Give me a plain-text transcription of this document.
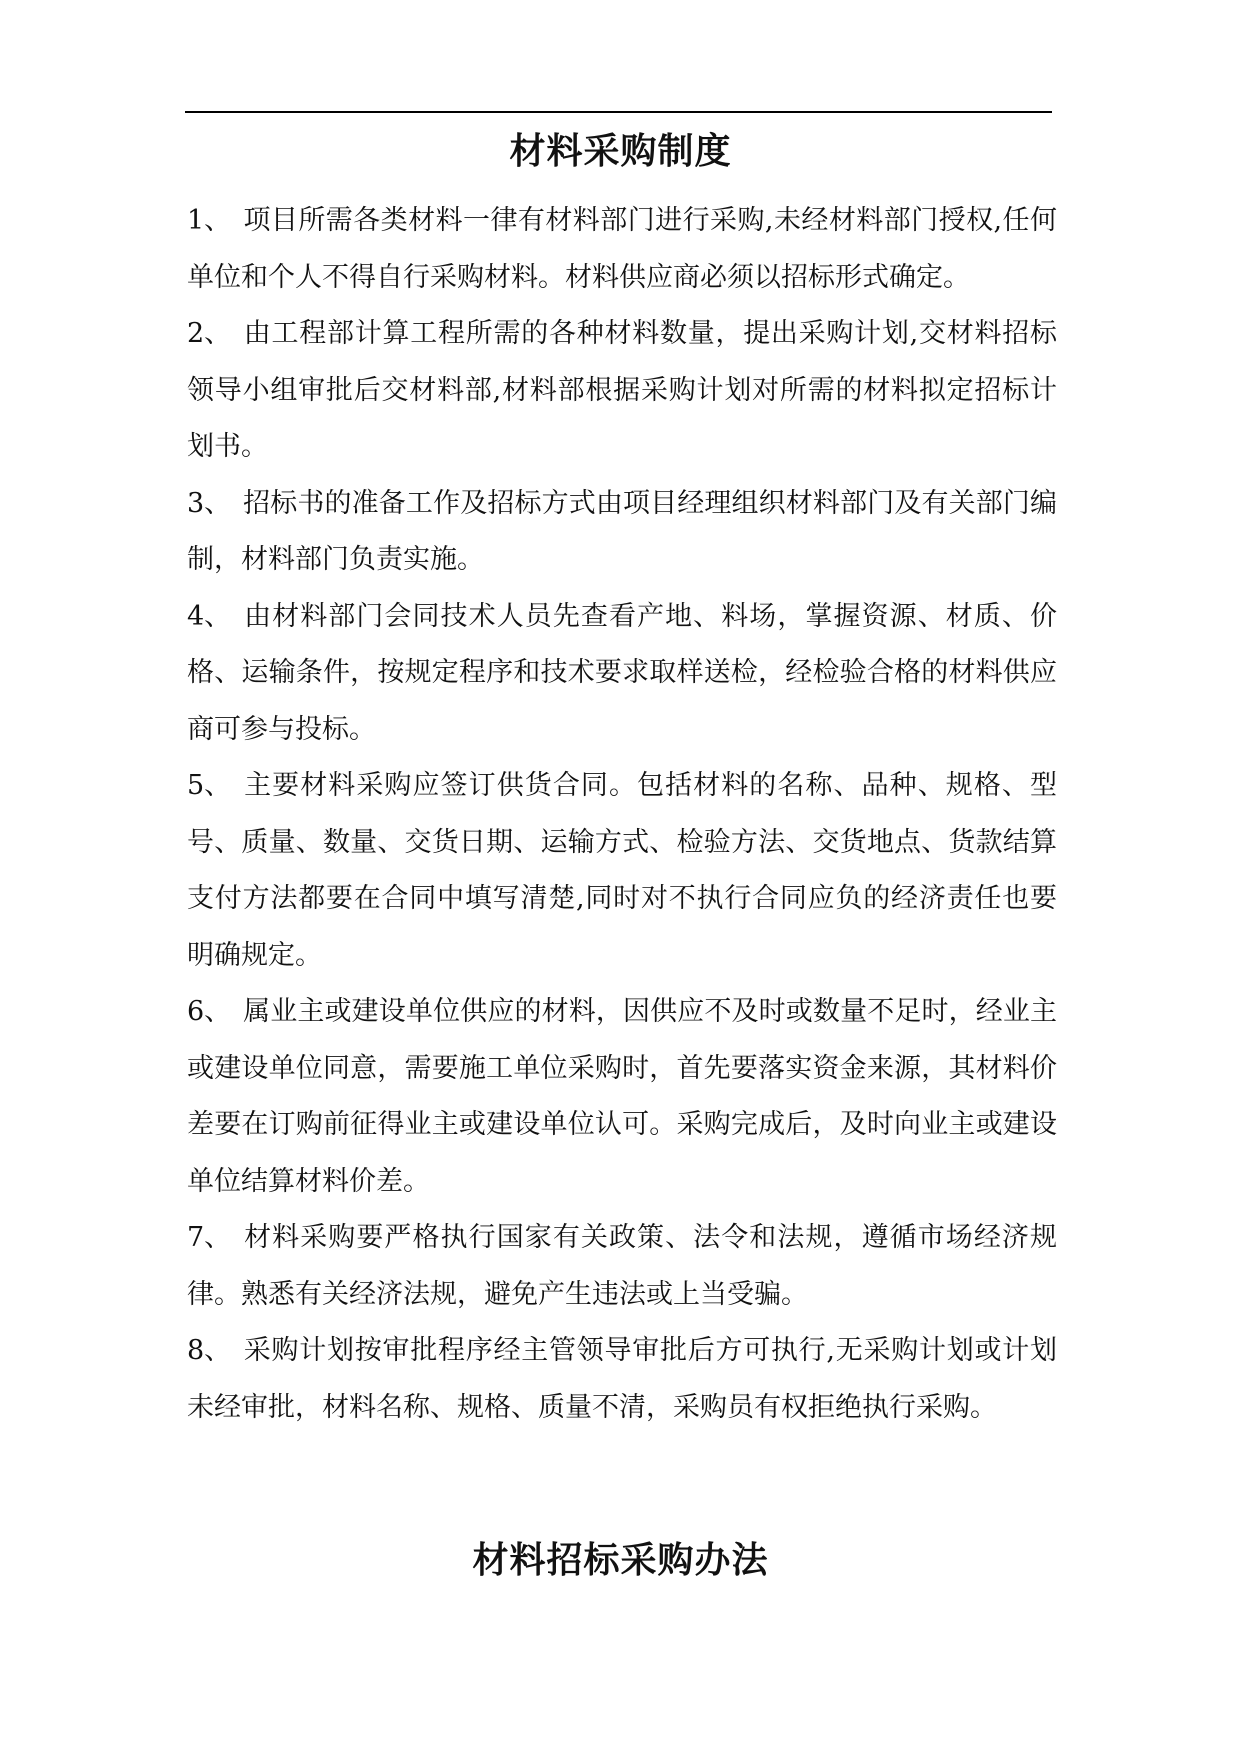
材料采购制度

1、 项目所需各类材料一律有材料部门进行采购,未经材料部门授权,任何单位和个人不得自行采购材料。材料供应商必须以招标形式确定。

2、 由工程部计算工程所需的各种材料数量，提出采购计划,交材料招标领导小组审批后交材料部,材料部根据采购计划对所需的材料拟定招标计划书。

3、 招标书的准备工作及招标方式由项目经理组织材料部门及有关部门编制，材料部门负责实施。

4、 由材料部门会同技术人员先查看产地、料场，掌握资源、材质、价格、运输条件，按规定程序和技术要求取样送检，经检验合格的材料供应商可参与投标。

5、 主要材料采购应签订供货合同。包括材料的名称、品种、规格、型号、质量、数量、交货日期、运输方式、检验方法、交货地点、货款结算支付方法都要在合同中填写清楚,同时对不执行合同应负的经济责任也要明确规定。

6、 属业主或建设单位供应的材料，因供应不及时或数量不足时，经业主或建设单位同意，需要施工单位采购时，首先要落实资金来源，其材料价差要在订购前征得业主或建设单位认可。采购完成后，及时向业主或建设单位结算材料价差。

7、 材料采购要严格执行国家有关政策、法令和法规，遵循市场经济规律。熟悉有关经济法规，避免产生违法或上当受骗。

8、 采购计划按审批程序经主管领导审批后方可执行,无采购计划或计划未经审批，材料名称、规格、质量不清，采购员有权拒绝执行采购。

材料招标采购办法
